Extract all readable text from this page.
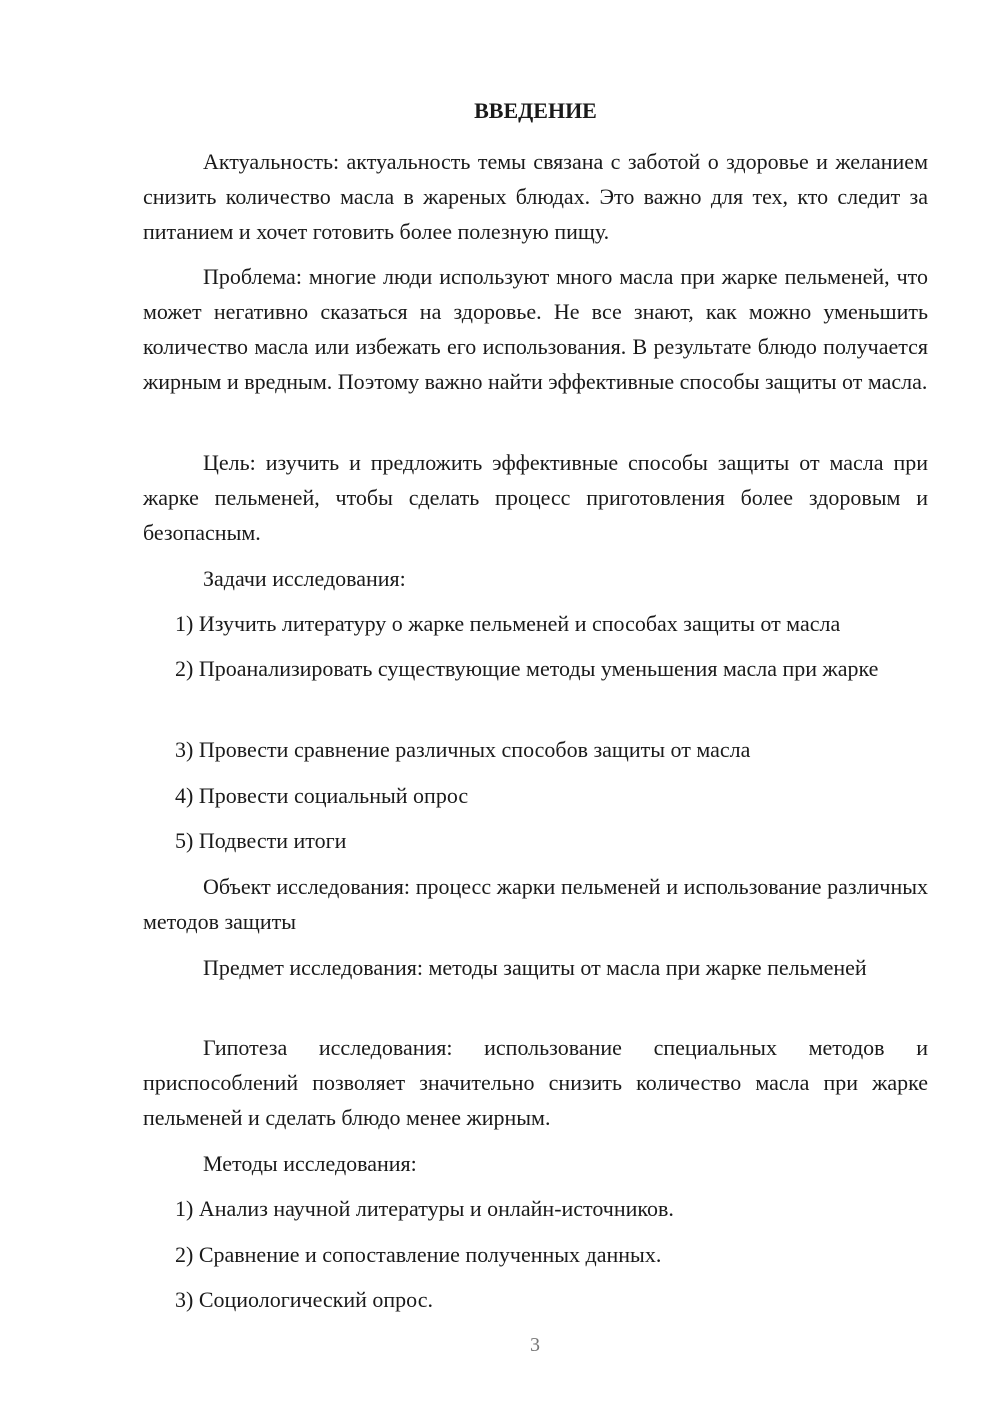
ВВЕДЕНИЕ

Актуальность: актуальность темы связана с заботой о здоровье и желанием снизить количество масла в жареных блюдах. Это важно для тех, кто следит за питанием и хочет готовить более полезную пищу.

Проблема: многие люди используют много масла при жарке пельменей, что может негативно сказаться на здоровье. Не все знают, как можно уменьшить количество масла или избежать его использования. В результате блюдо получается жирным и вредным. Поэтому важно найти эффективные способы защиты от масла.

Цель: изучить и предложить эффективные способы защиты от масла при жарке пельменей, чтобы сделать процесс приготовления более здоровым и безопасным.

Задачи исследования:

1) Изучить литературу о жарке пельменей и способах защиты от масла

2) Проанализировать существующие методы уменьшения масла при жарке

3) Провести сравнение различных способов защиты от масла

4) Провести социальный опрос

5) Подвести итоги

Объект исследования: процесс жарки пельменей и использование различных методов защиты

Предмет исследования: методы защиты от масла при жарке пельменей

Гипотеза исследования: использование специальных методов и приспособлений позволяет значительно снизить количество масла при жарке пельменей и сделать блюдо менее жирным.

Методы исследования:

1) Анализ научной литературы и онлайн-источников.

2) Сравнение и сопоставление полученных данных.

3) Социологический опрос.

3
